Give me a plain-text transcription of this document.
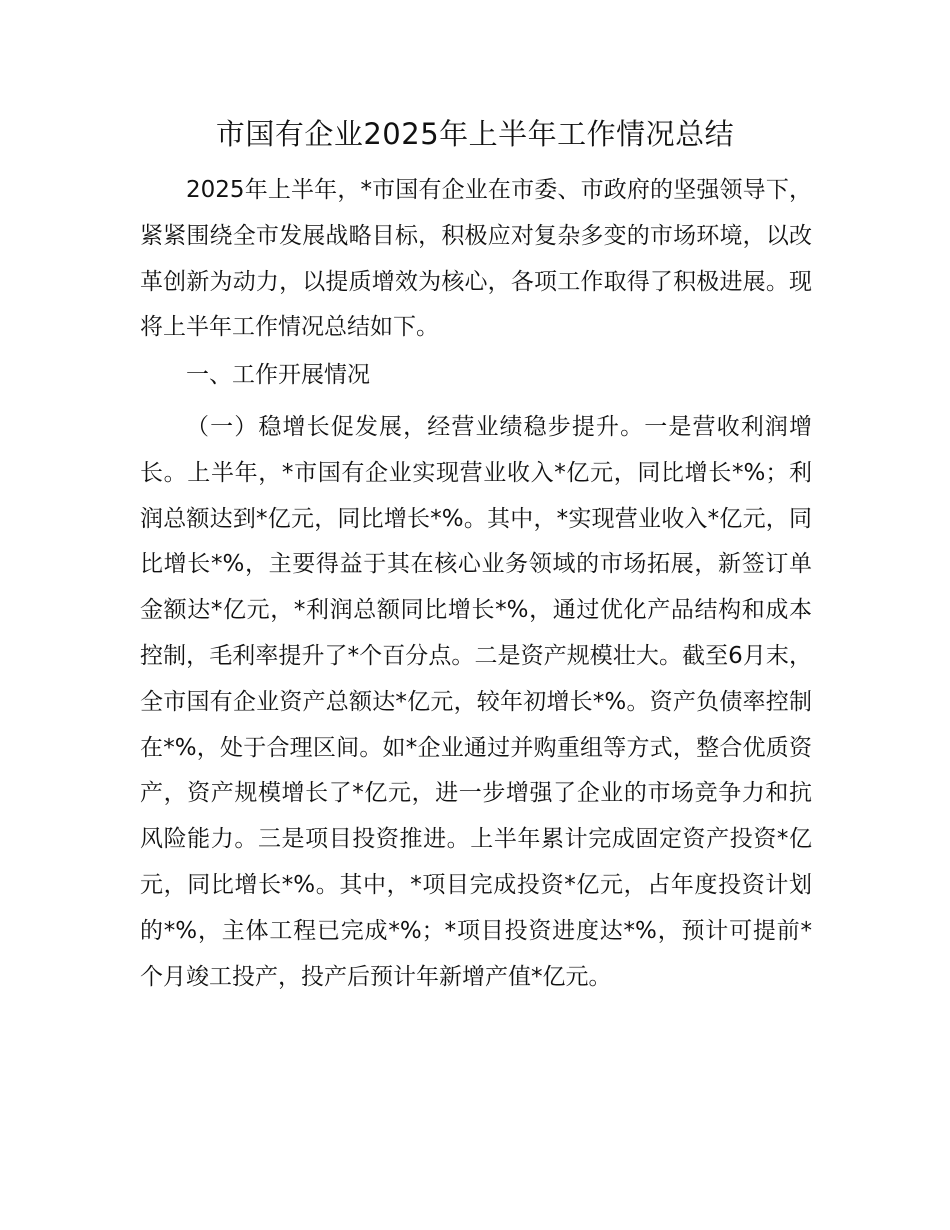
市国有企业2025年上半年工作情况总结

2025年上半年，*市国有企业在市委、市政府的坚强领导下，紧紧围绕全市发展战略目标，积极应对复杂多变的市场环境，以改革创新为动力，以提质增效为核心，各项工作取得了积极进展。现将上半年工作情况总结如下。

一、工作开展情况

（一）稳增长促发展，经营业绩稳步提升。一是营收利润增长。上半年，*市国有企业实现营业收入*亿元，同比增长*%；利润总额达到*亿元，同比增长*%。其中，*实现营业收入*亿元，同比增长*%，主要得益于其在核心业务领域的市场拓展，新签订单金额达*亿元，*利润总额同比增长*%，通过优化产品结构和成本控制，毛利率提升了*个百分点。二是资产规模壮大。截至6月末，全市国有企业资产总额达*亿元，较年初增长*%。资产负债率控制在*%，处于合理区间。如*企业通过并购重组等方式，整合优质资产，资产规模增长了*亿元，进一步增强了企业的市场竞争力和抗风险能力。三是项目投资推进。上半年累计完成固定资产投资*亿元，同比增长*%。其中，*项目完成投资*亿元，占年度投资计划的*%，主体工程已完成*%；*项目投资进度达*%，预计可提前*个月竣工投产，投产后预计年新增产值*亿元。
